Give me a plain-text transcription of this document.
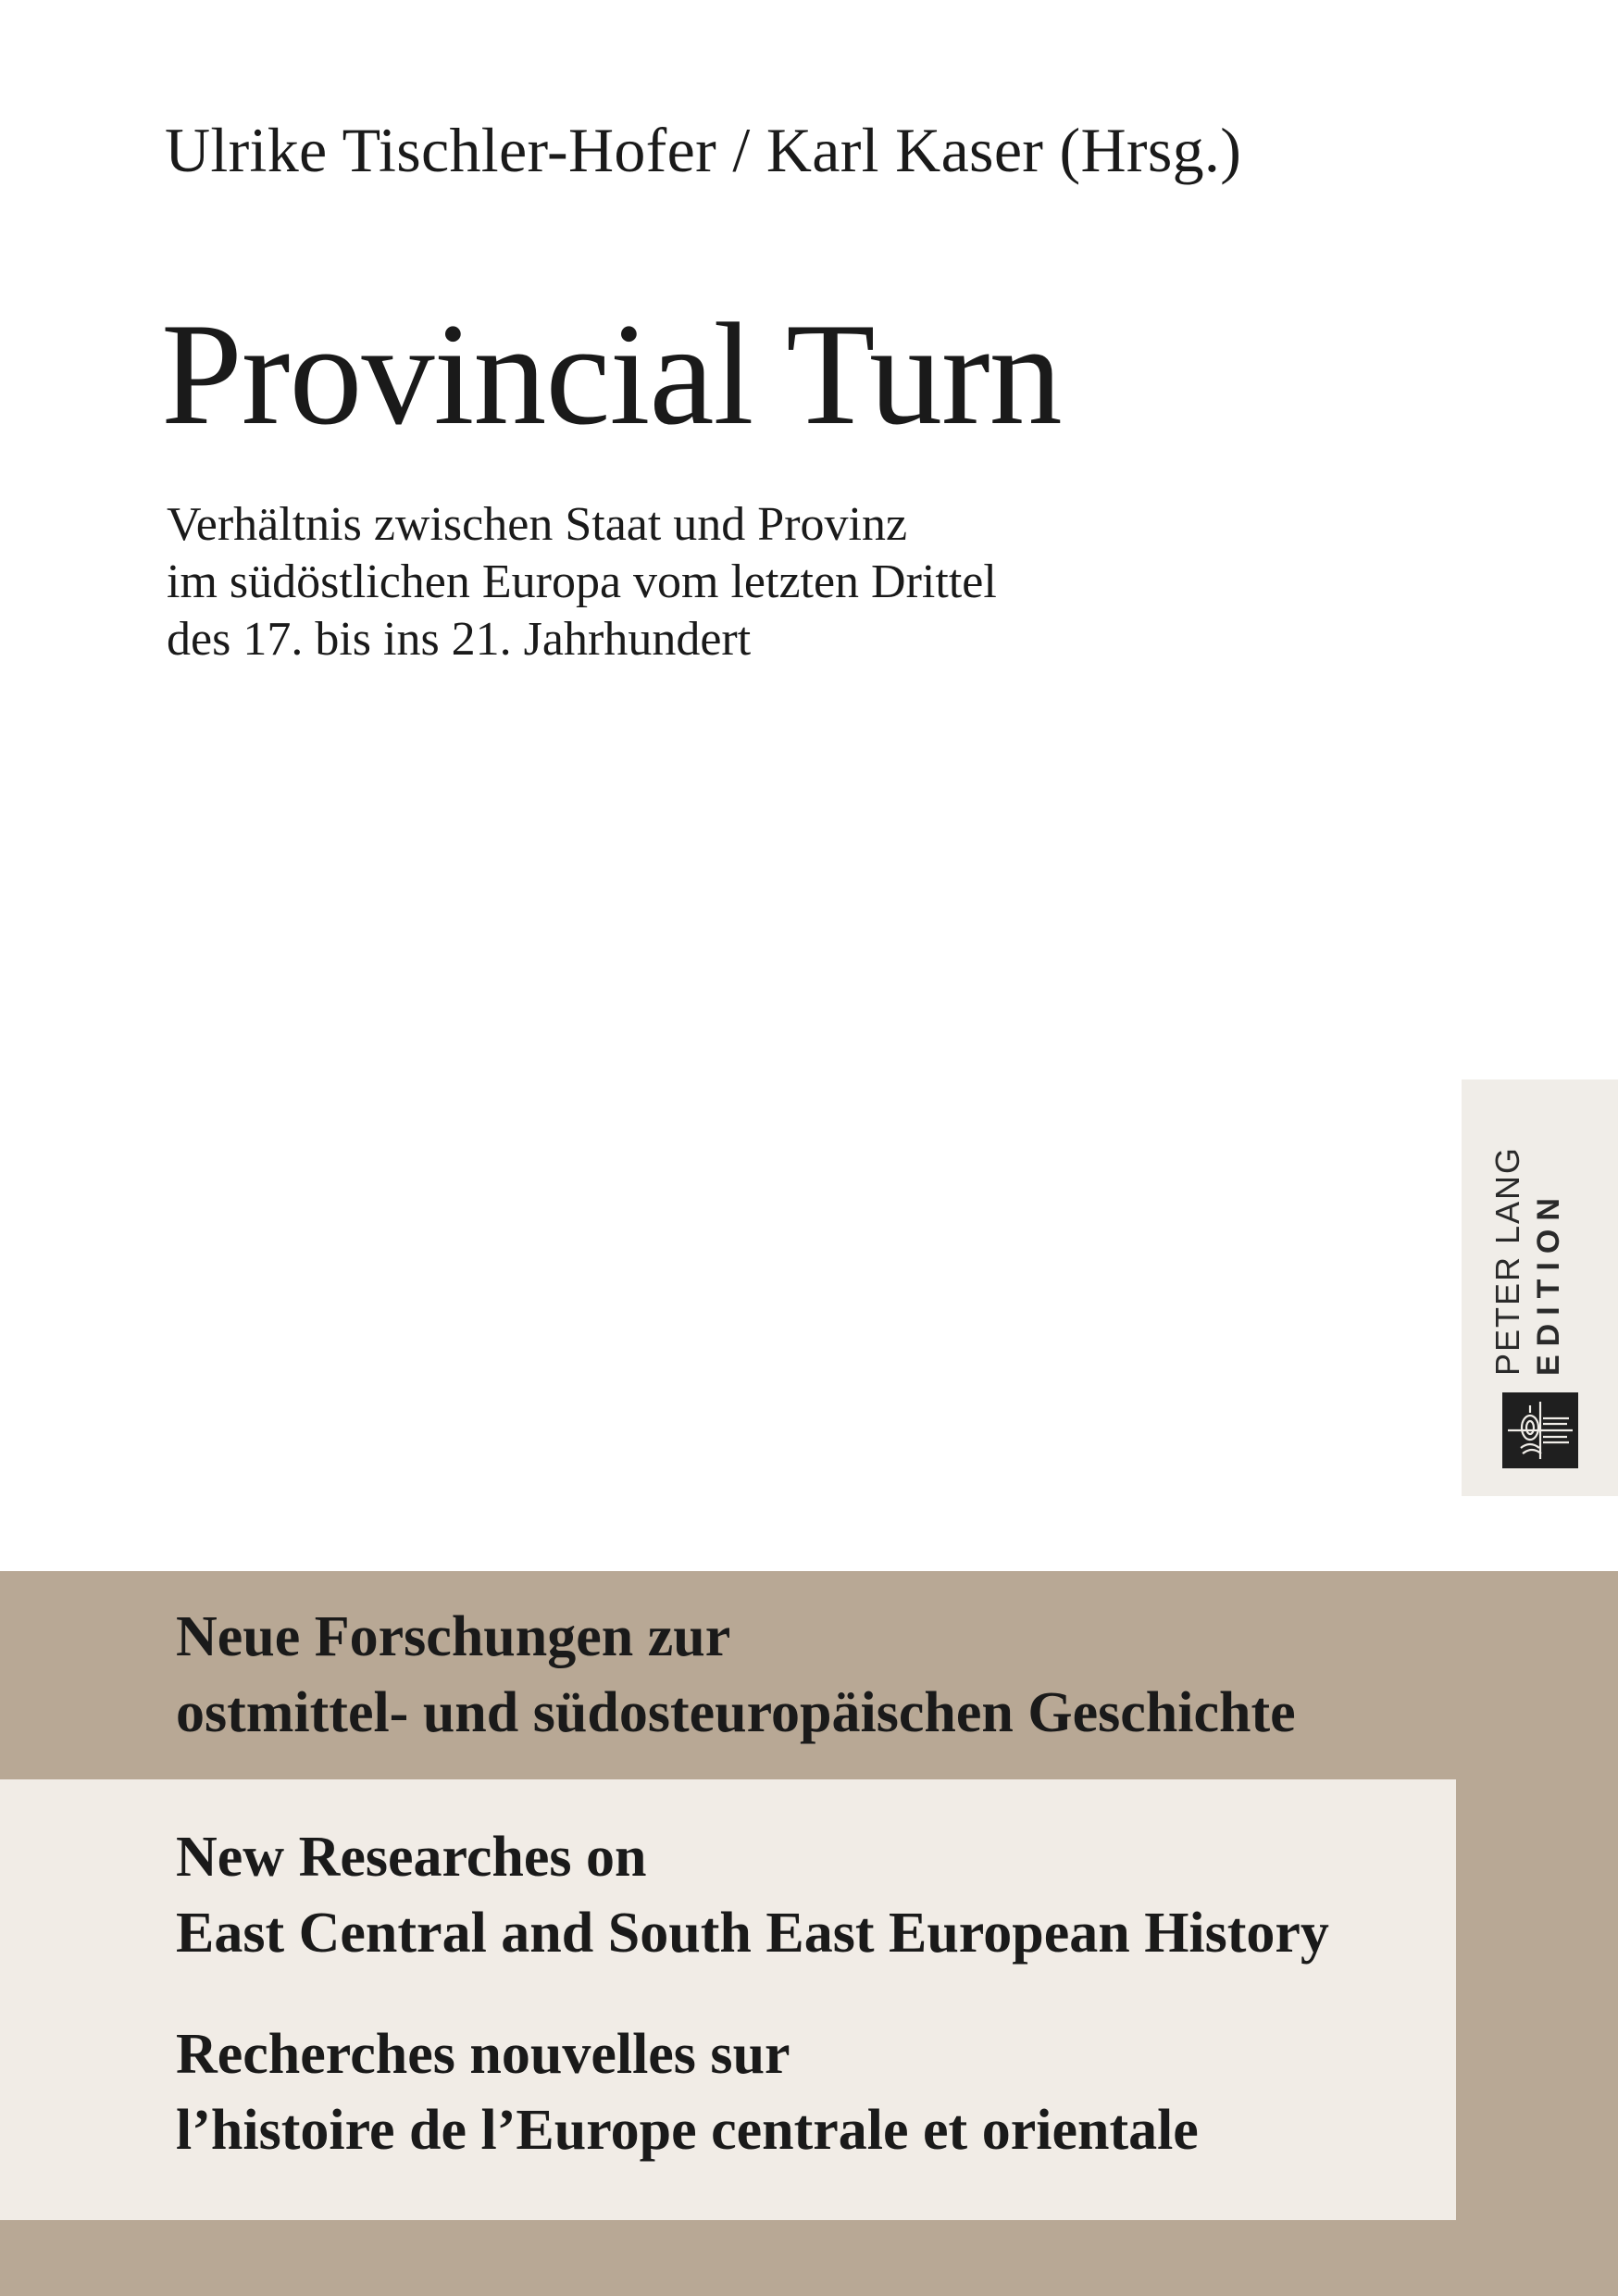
Ulrike Tischler-Hofer / Karl Kaser (Hrsg.)
Provincial Turn
Verhältnis zwischen Staat und Provinz
im südöstlichen Europa vom letzten Drittel
des 17. bis ins 21. Jahrhundert
PETER LANG EDITION
Neue Forschungen zur
ostmittel- und südosteuropäischen Geschichte
New Researches on
East Central and South East European History
Recherches nouvelles sur
l’histoire de l’Europe centrale et orientale
